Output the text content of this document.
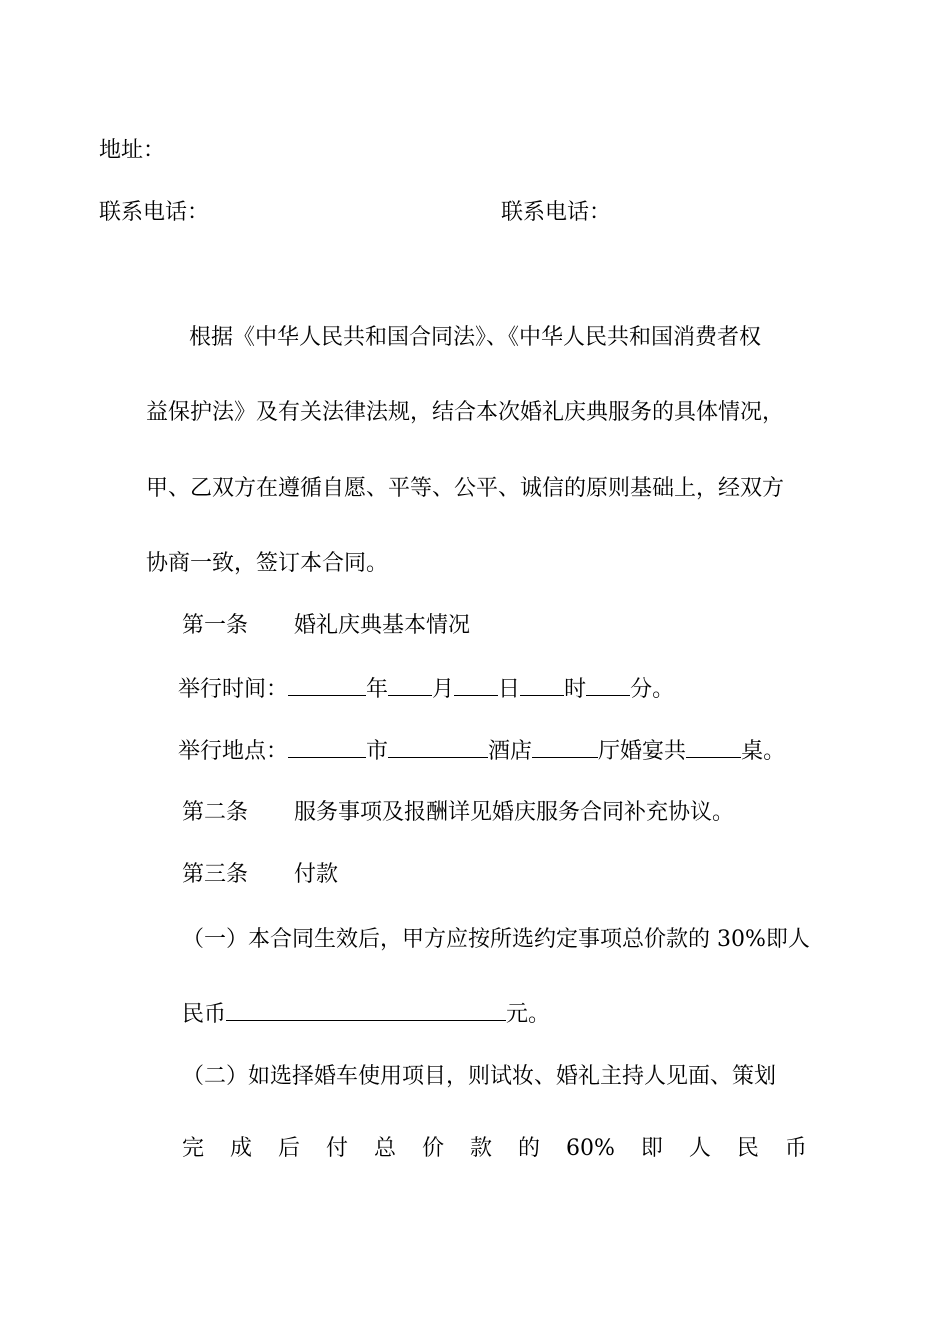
地址：
联系电话：	联系电话：
根据《中华人民共和国合同法》、《中华人民共和国消费者权
益保护法》及有关法律法规，结合本次婚礼庆典服务的具体情况，
甲、乙双方在遵循自愿、平等、公平、诚信的原则基础上，经双方
协商一致，签订本合同。
第一条 婚礼庆典基本情况
举行时间：	年 月 日 时 分。
举行地点：	市	酒店	厅婚宴共	桌。
第二条 服务事项及报酬详见婚庆服务合同补充协议。
第三条 付款
（一）本合同生效后，甲方应按所选约定事项总价款的 30%即人
民币	元。
（二）如选择婚车使用项目，则试妆、婚礼主持人见面、策划
完 成 后 付 总 价 款 的 60% 即 人 民 币
